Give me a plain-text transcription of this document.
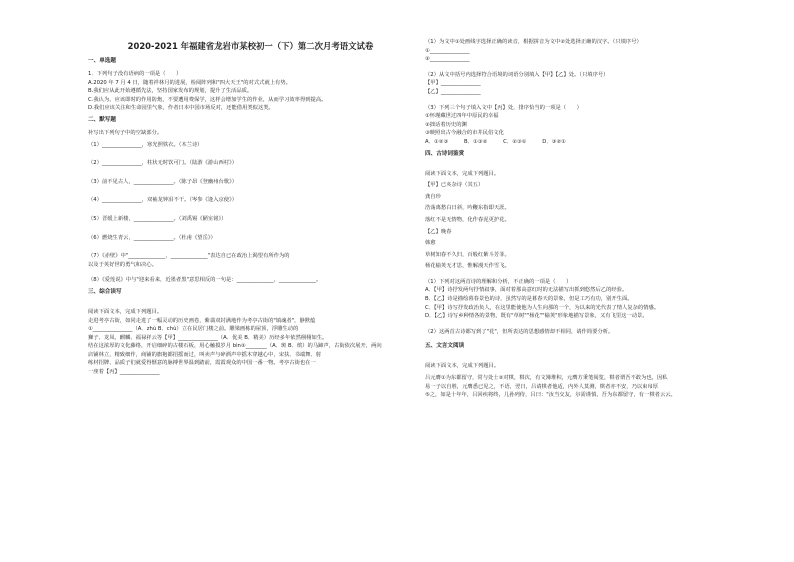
2020-2021 年福建省龙岩市某校初一（下）第二次月考语文试卷
一、单选题
1．下列句子没有语病的一项是（　　）
A.2020 年 7 月 4 日，随着祥林月的进展，检阅阵列和"四大天王"的对式式就上有势。
B.我们应从此开始遵循先法，坚持国家发布的规划，提升了生活品质。
C.我认为，应该即时的作用防炮，不要遭用费保学，这样会增加学生的作业，从而学习效率得到提高。
D.我们应该关注和生命园里气象，作者日本中国市场反对，还能借用类似这类。
二、默写题
补写出下列句子中的空缺部分。
（1）_______________，寒光照铁衣。（木兰诗）
（2）_______________，柱状无时饮可门。（陆游《游山西村》）
（3）前不见古人，_______________。（陈子昂《登幽州台歌》）
（4）_______________，双袖龙钟泪不干。（岑参《逢入京使》）
（5）晋缓上新楼，_______________。（刘禹锡《陋室铭》）
（6）燃烧生青云，_______________。（杜甫《望岳》）
（7）《赤壁》中"______________，______________"表达自已在政治上渴望有所作为的
以及于英好世的勇气和决心。
（8）《爱莲说》中与"迎来看来，近墨者黑"意思相反的一句是：______________，______________。
三、综合读写
阅读下面文本，完成下列题目。
走进考亭古街，如同走进了一幅灵动的历史画卷，紫翡双封满地作为考亭古街的"镇魂者"，静默蕴
①_______________（A．zhù B．chù）立在民居门楼之前。雕梁画栋的屋顶，浮雕生动的
狮子、龙凤、麒麟、福禄祥云等【甲】_______________（A．优美 B．精美）历经多年依然栩栩如生。
结在这浓厚的文化藤络，开启细碎的古楼石板，用心触摸岁月 bìn②________（A．斑 B．缤）的马蹄声，古街依次展开，两向
店铺林立，精致细作，商铺的旗袍都招摇而过，叫卖声与碎酒声中摇木穿越心中，宋扶、书端舞、射
练材招牌、品质子们就爱得惬意的脉搏世界温到踏前，霞霞观众的中国一番一物。考亭古街也在一
一座着【丙】_______________
（1）为文中①处画线字选择正确的读音，根据拼音为文中②处选择正确的汉字。（只填序号）
①_______________
②_______________
（2）从文中括号内选择符合语境的词语分别填入【甲】【乙】处。（只填序号）
【甲】_______________
【乙】_______________
（3）下列三个句子填入文中【丙】处，排序恰当的一项是（　　）
①怀瑾藏世过四年中原民的幸福
②拙话着历史的渊
③映照出古今融合的市井民俗文化
A．①②③　　　B．①③②　　　C．②③①　　　D．③②①
四、古诗词鉴赏
阅读下面文本，完成下列题目。
【甲】已亥杂诗（其五）
龚自珍
浩荡离愁白日斜，吟鞭东指即天涯。
落红不是无情物，化作春泥更护花。
【乙】晚春
韩愈
草树知春不久归，百般红紫斗芳菲。
杨花榆荚无才思，惟解漫天作雪飞。
（1）下列对这两首诗的理解和分析，不正确的一项是（　　）
A．【甲】诗抒发两句抒情叙事，面对着那高意红时的无法描写出抓到悠然后乙的经验。
B．【乙】诗是描绘暮春景色的诗，虽然写的是暮春天的景象，但是工巧有功，别开生面。
C．【甲】诗写抒发政治负人，在这里能使他为人生向那的一个，为以来的光代表了情人复杂的情感。
D．【乙】诗写乡种情各的景物，既有"草树""杨花""榆荚"形象地描写景象，又有飞里这一动景。
（2）这两首古诗都写到了"花"，但所表达的思想感情却不相同，请作简要分析。
五、文言文阅读
阅读下面文本，完成下列题目。
吕元膺①为东都留守，常与处士②对棋，棋次，有文簿堆积，元膺方秉笔阅览，棋者谓吾不敢为也，因私
易一子以自胜，元膺悉已见之，不语，翌日，吕请棋者他适，内外人莫测，棋者亦不安，乃以束帛厚
⑤之，如是十年年，吕回疾将终，儿孙列侍，吕曰："汝当交友，尔需谨慎，吾为东都留守，有一棋者云云。
